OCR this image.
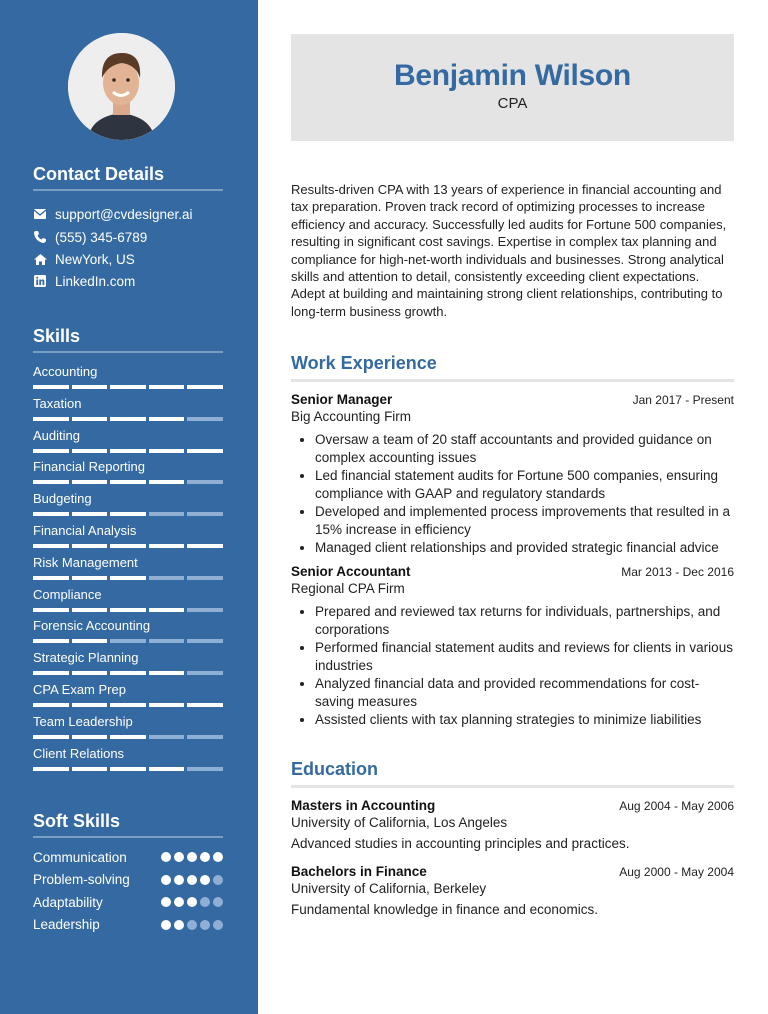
Contact Details
support@cvdesigner.ai
(555) 345-6789
NewYork, US
LinkedIn.com
Skills
Accounting
Taxation
Auditing
Financial Reporting
Budgeting
Financial Analysis
Risk Management
Compliance
Forensic Accounting
Strategic Planning
CPA Exam Prep
Team Leadership
Client Relations
Soft Skills
Communication
Problem-solving
Adaptability
Leadership
Benjamin Wilson
CPA
Results-driven CPA with 13 years of experience in financial accounting and tax preparation. Proven track record of optimizing processes to increase efficiency and accuracy. Successfully led audits for Fortune 500 companies, resulting in significant cost savings. Expertise in complex tax planning and compliance for high-net-worth individuals and businesses. Strong analytical skills and attention to detail, consistently exceeding client expectations. Adept at building and maintaining strong client relationships, contributing to long-term business growth.
Work Experience
Senior Manager	Jan 2017 - Present
Big Accounting Firm
• Oversaw a team of 20 staff accountants and provided guidance on complex accounting issues
• Led financial statement audits for Fortune 500 companies, ensuring compliance with GAAP and regulatory standards
• Developed and implemented process improvements that resulted in a 15% increase in efficiency
• Managed client relationships and provided strategic financial advice
Senior Accountant	Mar 2013 - Dec 2016
Regional CPA Firm
• Prepared and reviewed tax returns for individuals, partnerships, and corporations
• Performed financial statement audits and reviews for clients in various industries
• Analyzed financial data and provided recommendations for cost-saving measures
• Assisted clients with tax planning strategies to minimize liabilities
Education
Masters in Accounting	Aug 2004 - May 2006
University of California, Los Angeles
Advanced studies in accounting principles and practices.
Bachelors in Finance	Aug 2000 - May 2004
University of California, Berkeley
Fundamental knowledge in finance and economics.
